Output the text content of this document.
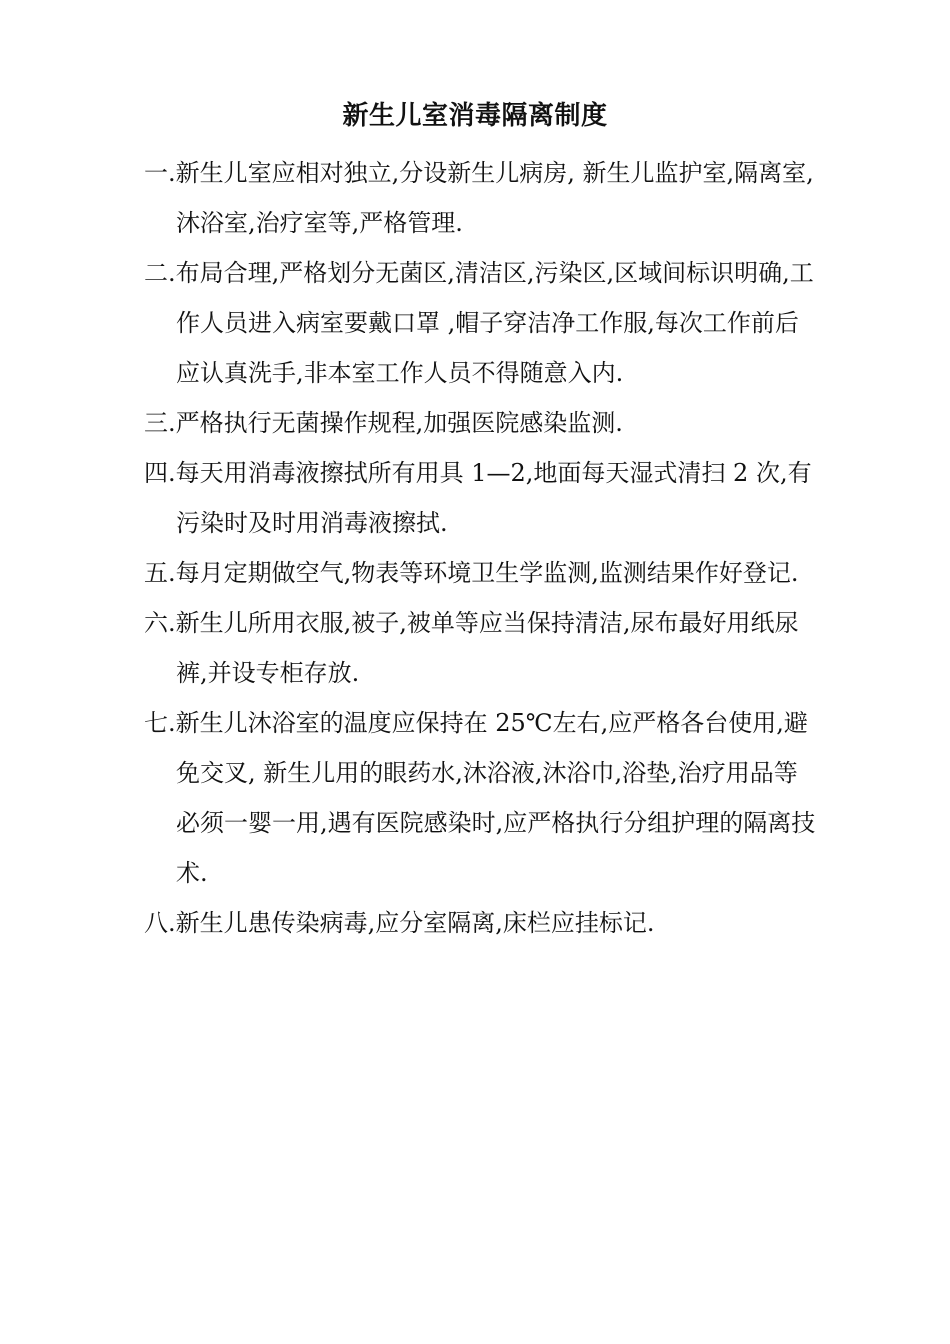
新生儿室消毒隔离制度

一.新生儿室应相对独立,分设新生儿病房, 新生儿监护室,隔离室,沐浴室,治疗室等,严格管理.

二.布局合理,严格划分无菌区,清洁区,污染区,区域间标识明确,工作人员进入病室要戴口罩 ,帽子穿洁净工作服,每次工作前后应认真洗手,非本室工作人员不得随意入内.

三.严格执行无菌操作规程,加强医院感染监测.

四.每天用消毒液擦拭所有用具 1—2,地面每天湿式清扫 2 次,有污染时及时用消毒液擦拭.

五.每月定期做空气,物表等环境卫生学监测,监测结果作好登记.

六.新生儿所用衣服,被子,被单等应当保持清洁,尿布最好用纸尿裤,并设专柜存放.

七.新生儿沐浴室的温度应保持在 25℃左右,应严格各台使用,避免交叉, 新生儿用的眼药水,沐浴液,沐浴巾,浴垫,治疗用品等必须一婴一用,遇有医院感染时,应严格执行分组护理的隔离技术.

八.新生儿患传染病毒,应分室隔离,床栏应挂标记.
